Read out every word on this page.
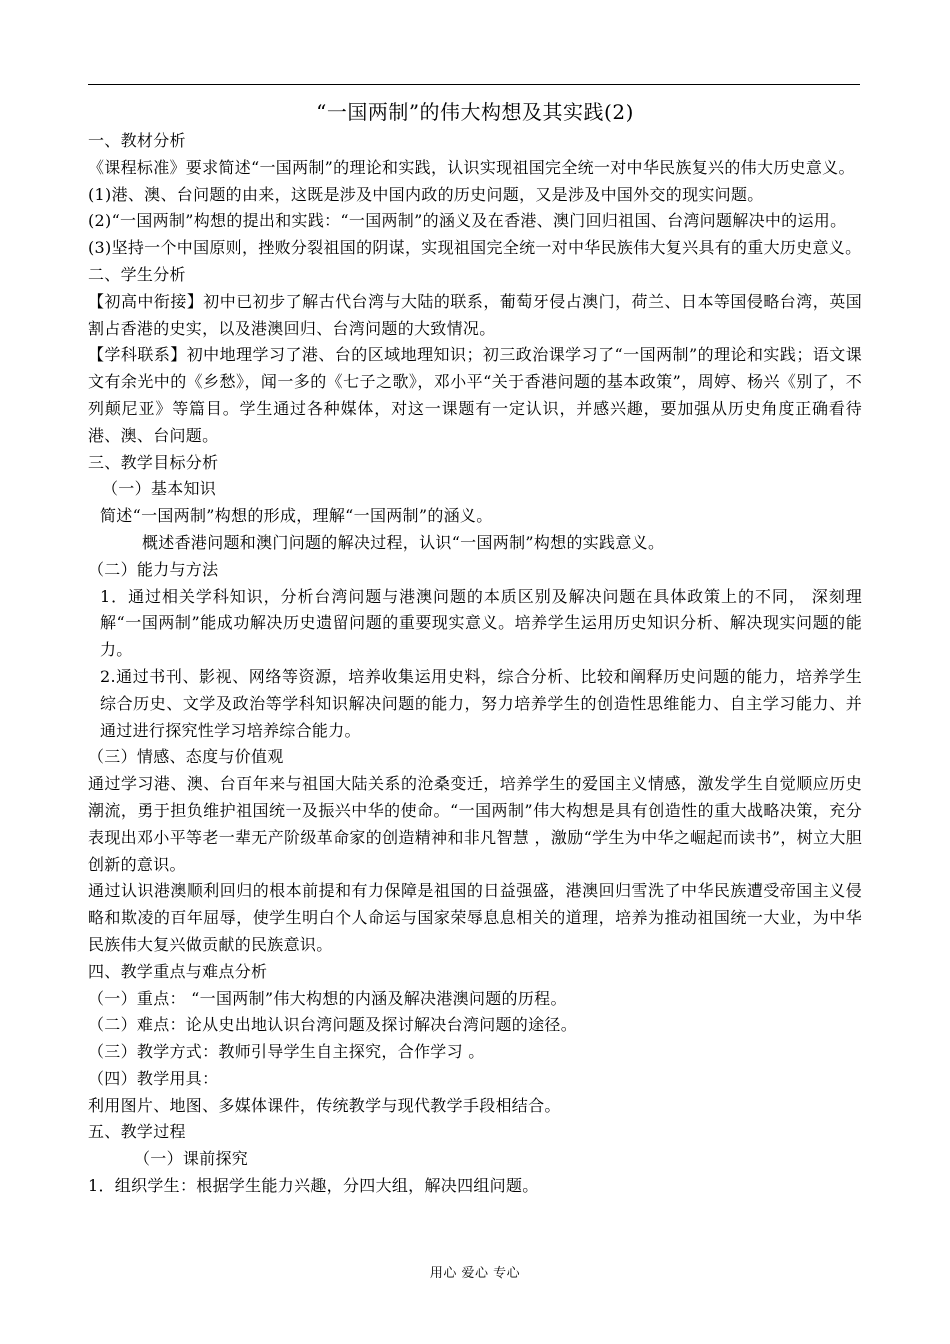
“一国两制”的伟大构想及其实践(2)

一、教材分析

《课程标准》要求简述“一国两制”的理论和实践，认识实现祖国完全统一对中华民族复兴的伟大历史意义。

(1)港、澳、台问题的由来，这既是涉及中国内政的历史问题，又是涉及中国外交的现实问题。

(2)“一国两制”构想的提出和实践：“一国两制”的涵义及在香港、澳门回归祖国、台湾问题解决中的运用。

(3)坚持一个中国原则，挫败分裂祖国的阴谋，实现祖国完全统一对中华民族伟大复兴具有的重大历史意义。

二、学生分析

【初高中衔接】初中已初步了解古代台湾与大陆的联系，葡萄牙侵占澳门，荷兰、日本等国侵略台湾，英国割占香港的史实，以及港澳回归、台湾问题的大致情况。

【学科联系】初中地理学习了港、台的区域地理知识；初三政治课学习了“一国两制”的理论和实践；语文课文有余光中的《乡愁》，闻一多的《七子之歌》，邓小平“关于香港问题的基本政策”，周婷、杨兴《别了，不列颠尼亚》等篇目。学生通过各种媒体，对这一课题有一定认识，并感兴趣，要加强从历史角度正确看待港、澳、台问题。

三、教学目标分析

（一）基本知识

简述“一国两制”构想的形成，理解“一国两制”的涵义。

概述香港问题和澳门问题的解决过程，认识“一国两制”构想的实践意义。

（二）能力与方法

1．通过相关学科知识，分析台湾问题与港澳问题的本质区别及解决问题在具体政策上的不同， 深刻理解“一国两制”能成功解决历史遗留问题的重要现实意义。培养学生运用历史知识分析、解决现实问题的能力。

2.通过书刊、影视、网络等资源，培养收集运用史料，综合分析、比较和阐释历史问题的能力，培养学生综合历史、文学及政治等学科知识解决问题的能力，努力培养学生的创造性思维能力、自主学习能力、并通过进行探究性学习培养综合能力。

（三）情感、态度与价值观

通过学习港、澳、台百年来与祖国大陆关系的沧桑变迁，培养学生的爱国主义情感，激发学生自觉顺应历史潮流，勇于担负维护祖国统一及振兴中华的使命。“一国两制”伟大构想是具有创造性的重大战略决策，充分表现出邓小平等老一辈无产阶级革命家的创造精神和非凡智慧 ，激励“学生为中华之崛起而读书”，树立大胆创新的意识。

通过认识港澳顺利回归的根本前提和有力保障是祖国的日益强盛，港澳回归雪洗了中华民族遭受帝国主义侵略和欺凌的百年屈辱，使学生明白个人命运与国家荣辱息息相关的道理，培养为推动祖国统一大业，为中华民族伟大复兴做贡献的民族意识。

四、教学重点与难点分析

（一）重点： “一国两制”伟大构想的内涵及解决港澳问题的历程。

（二）难点：论从史出地认识台湾问题及探讨解决台湾问题的途径。

（三）教学方式：教师引导学生自主探究，合作学习 。

（四）教学用具：

利用图片、地图、多媒体课件，传统教学与现代教学手段相结合。

五、教学过程

（一）课前探究

1．组织学生：根据学生能力兴趣，分四大组，解决四组问题。

用心 爱心 专心
